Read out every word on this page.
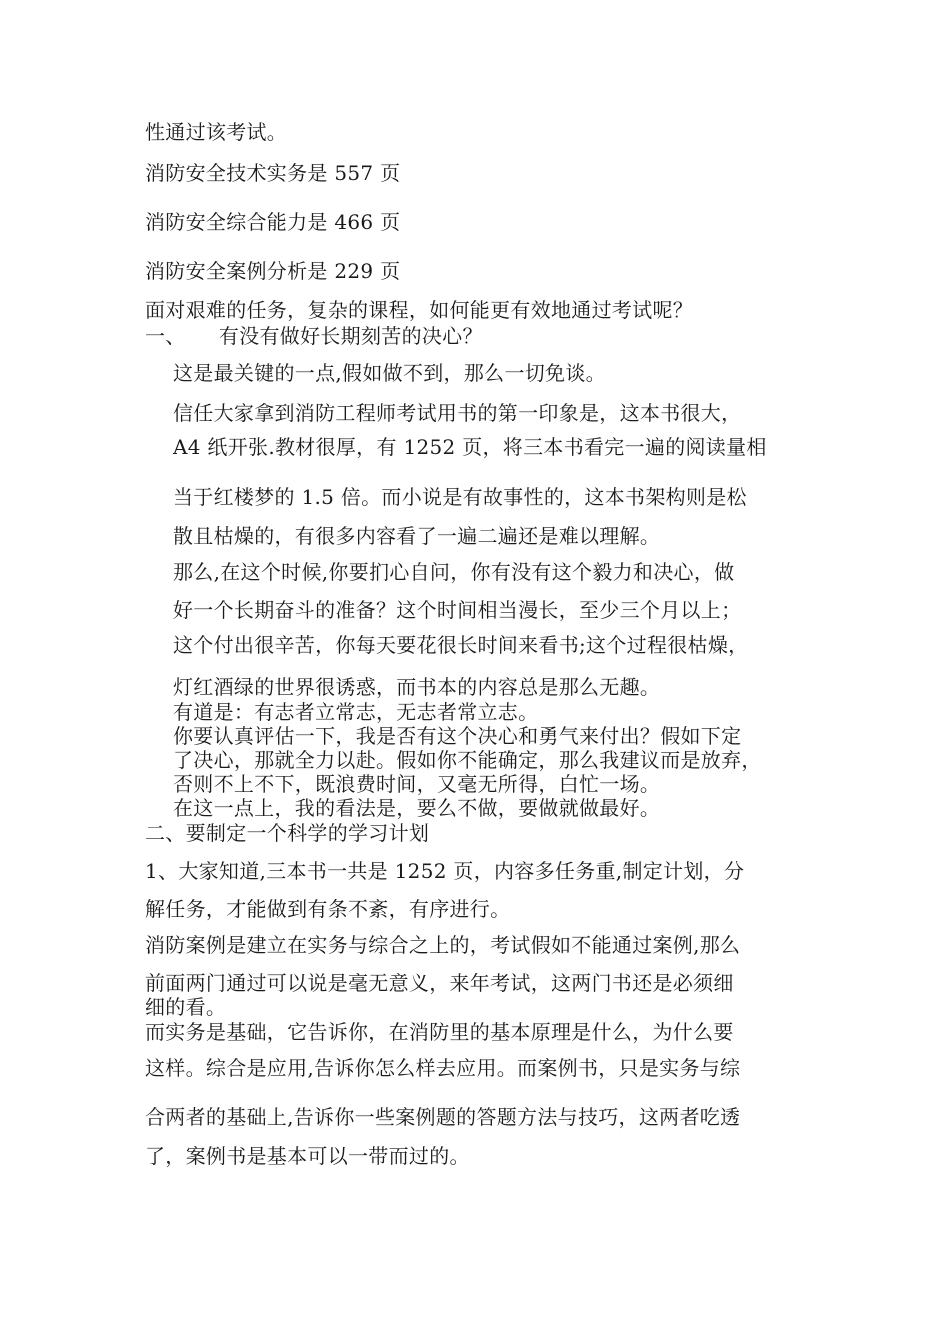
性通过该考试。
消防安全技术实务是 557 页
消防安全综合能力是 466 页
消防安全案例分析是 229 页
面对艰难的任务，复杂的课程，如何能更有效地通过考试呢？
一、     有没有做好长期刻苦的决心？
这是最关键的一点,假如做不到，那么一切免谈。
信任大家拿到消防工程师考试用书的第一印象是，这本书很大，
A4 纸开张.教材很厚，有 1252 页，将三本书看完一遍的阅读量相
当于红楼梦的 1.5 倍。而小说是有故事性的，这本书架构则是松
散且枯燥的，有很多内容看了一遍二遍还是难以理解。
那么,在这个时候,你要扪心自问，你有没有这个毅力和决心，做
好一个长期奋斗的准备？这个时间相当漫长，至少三个月以上；
这个付出很辛苦，你每天要花很长时间来看书;这个过程很枯燥，
灯红酒绿的世界很诱惑，而书本的内容总是那么无趣。
有道是：有志者立常志，无志者常立志。
你要认真评估一下，我是否有这个决心和勇气来付出？假如下定
了决心，那就全力以赴。假如你不能确定，那么我建议而是放弃，
否则不上不下，既浪费时间，又毫无所得，白忙一场。
在这一点上，我的看法是，要么不做，要做就做最好。
二、要制定一个科学的学习计划
1、大家知道,三本书一共是 1252 页，内容多任务重,制定计划，分
解任务，才能做到有条不紊，有序进行。
消防案例是建立在实务与综合之上的，考试假如不能通过案例,那么
前面两门通过可以说是毫无意义，来年考试，这两门书还是必须细
细的看。
而实务是基础，它告诉你，在消防里的基本原理是什么，为什么要
这样。综合是应用,告诉你怎么样去应用。而案例书，只是实务与综
合两者的基础上,告诉你一些案例题的答题方法与技巧，这两者吃透
了，案例书是基本可以一带而过的。
